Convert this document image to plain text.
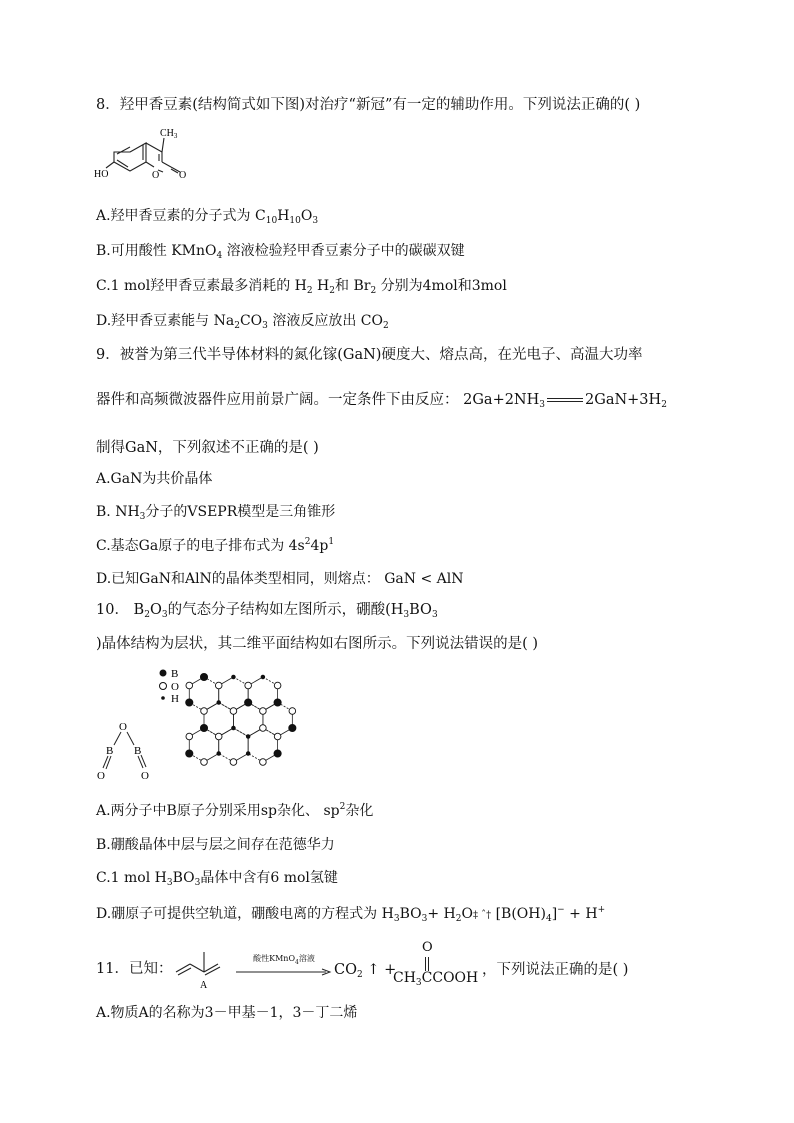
8．羟甲香豆素(结构简式如下图)对治疗“新冠”有一定的辅助作用。下列说法正确的( )
$CH_3$
HO	O O
A.羟甲香豆素的分子式为 $C_{10}H_{10}O_3$
B.可用酸性 KMnO$_4$ 溶液检验羟甲香豆素分子中的碳碳双键
C.1 mol羟甲香豆素最多消耗的 $H_2$ $H_2$和 $Br_2$ 分别为4mol和3mol
D.羟甲香豆素能与 $Na_2CO_3$ 溶液反应放出 $CO_2$
9．被誉为第三代半导体材料的氮化镓(GaN)硬度大、熔点高，在光电子、高温大功率
器件和高频微波器件应用前景广阔。一定条件下由反应： $2Ga+2NH_3$	$2GaN+3H_2$
制得GaN，下列叙述不正确的是( )
A.GaN为共价晶体
B. $NH_3$分子的VSEPR模型是三角锥形
C.基态Ga原子的电子排布式为 $4s^24p^1$
D.已知GaN和AlN的晶体类型相同，则熔点： GaN < AlN
10． $B_2O_3$的气态分子结构如左图所示，硼酸($H_3BO_3$
)晶体结构为层状，其二维平面结构如右图所示。下列说法错误的是( )
O
B B
O	O
B
O
H
A.两分子中B原子分别采用sp杂化、 $sp^2$杂化
B.硼酸晶体中层与层之间存在范德华力
C.1 mol $H_3BO_3$晶体中含有6 mol氢键
D.硼原子可提供空轨道，硼酸电离的方程式为 $H_3BO_3+$ $H_2O\ddagger$ ˆ† $[B(OH)_4]^- + H^+$
11．已知：
A
酸性KMnO$_4$溶液
$CO_2$ ↑ +
O
$CH_3CCOOH$ ，下列说法正确的是( )
A.物质A的名称为3－甲基－1，3－丁二烯
